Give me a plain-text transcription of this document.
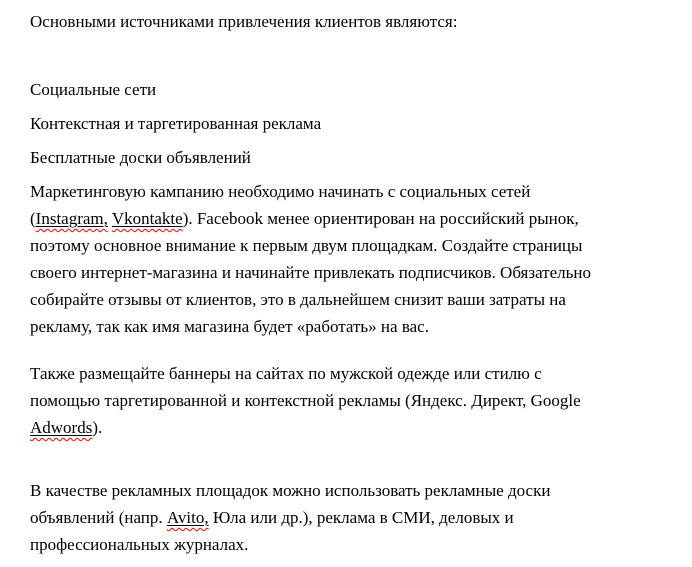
Основными источниками привлечения клиентов являются:

Социальные сети

Контекстная и таргетированная реклама

Бесплатные доски объявлений

Маркетинговую кампанию необходимо начинать с социальных сетей
(Instagram, Vkontakte). Facebook менее ориентирован на российский рынок,
поэтому основное внимание к первым двум площадкам. Создайте страницы
своего интернет-магазина и начинайте привлекать подписчиков. Обязательно
собирайте отзывы от клиентов, это в дальнейшем снизит ваши затраты на
рекламу, так как имя магазина будет «работать» на вас.

Также размещайте баннеры на сайтах по мужской одежде или стилю с
помощью таргетированной и контекстной рекламы (Яндекс. Директ, Google
Adwords).

В качестве рекламных площадок можно использовать рекламные доски
объявлений (напр. Avito, Юла или др.), реклама в СМИ, деловых и
профессиональных журналах.
